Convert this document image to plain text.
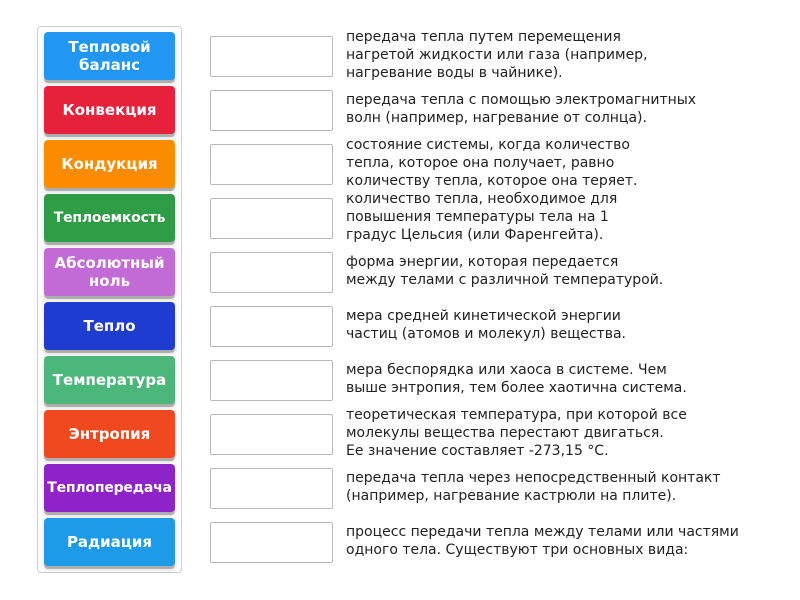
Тепловой
баланс
Конвекция
Кондукция
Теплоемкость
Абсолютный
ноль
Тепло
Температура
Энтропия
Теплопередача
Радиация
передача тепла путем перемещения
нагретой жидкости или газа (например,
нагревание воды в чайнике).
передача тепла с помощью электромагнитных
волн (например, нагревание от солнца).
состояние системы, когда количество
тепла, которое она получает, равно
количеству тепла, которое она теряет.
количество тепла, необходимое для
повышения температуры тела на 1
градус Цельсия (или Фаренгейта).
форма энергии, которая передается
между телами с различной температурой.
мера средней кинетической энергии
частиц (атомов и молекул) вещества.
мера беспорядка или хаоса в системе. Чем
выше энтропия, тем более хаотична система.
теоретическая температура, при которой все
молекулы вещества перестают двигаться.
Ее значение составляет -273,15 °C.
передача тепла через непосредственный контакт
(например, нагревание кастрюли на плите).
процесс передачи тепла между телами или частями
одного тела. Существуют три основных вида:
